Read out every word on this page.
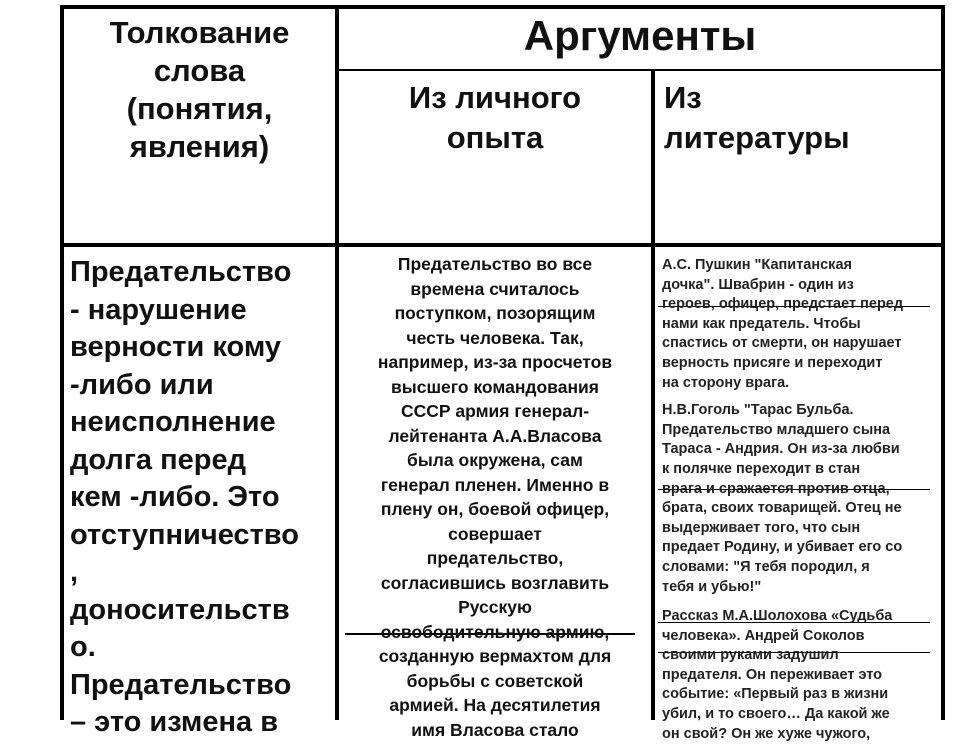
Толкование
слова
(понятия,
явления)
Аргументы
Из личного
опыта
Из
литературы
Предательство
- нарушение
верности кому
-либо или
неисполнение
долга перед
кем -либо. Это
отступничество
,
доносительств
о.
Предательство
– это измена в
Предательство во все
времена считалось
поступком, позорящим
честь человека. Так,
например, из-за просчетов
высшего командования
СССР армия генерал-
лейтенанта А.А.Власова
была окружена, сам
генерал пленен. Именно в
плену он, боевой офицер,
совершает
предательство,
согласившись возглавить
Русскую
освободительную армию,
созданную вермахтом для
борьбы с советской
армией. На десятилетия
имя Власова стало
А.С. Пушкин "Капитанская
дочка". Швабрин - один из
героев, офицер, предстает перед
нами как предатель. Чтобы
спастись от смерти, он нарушает
верность присяге и переходит
на сторону врага.
Н.В.Гоголь "Тарас Бульба.
Предательство младшего сына
Тараса - Андрия. Он из-за любви
к полячке переходит в стан
врага и сражается против отца,
брата, своих товарищей. Отец не
выдерживает того, что сын
предает Родину, и убивает его со
словами: "Я тебя породил, я
тебя и убью!"
Рассказ М.А.Шолохова «Судьба
человека». Андрей Соколов
своими руками задушил
предателя. Он переживает это
событие: «Первый раз в жизни
убил, и то своего… Да какой же
он свой? Он же хуже чужого,
